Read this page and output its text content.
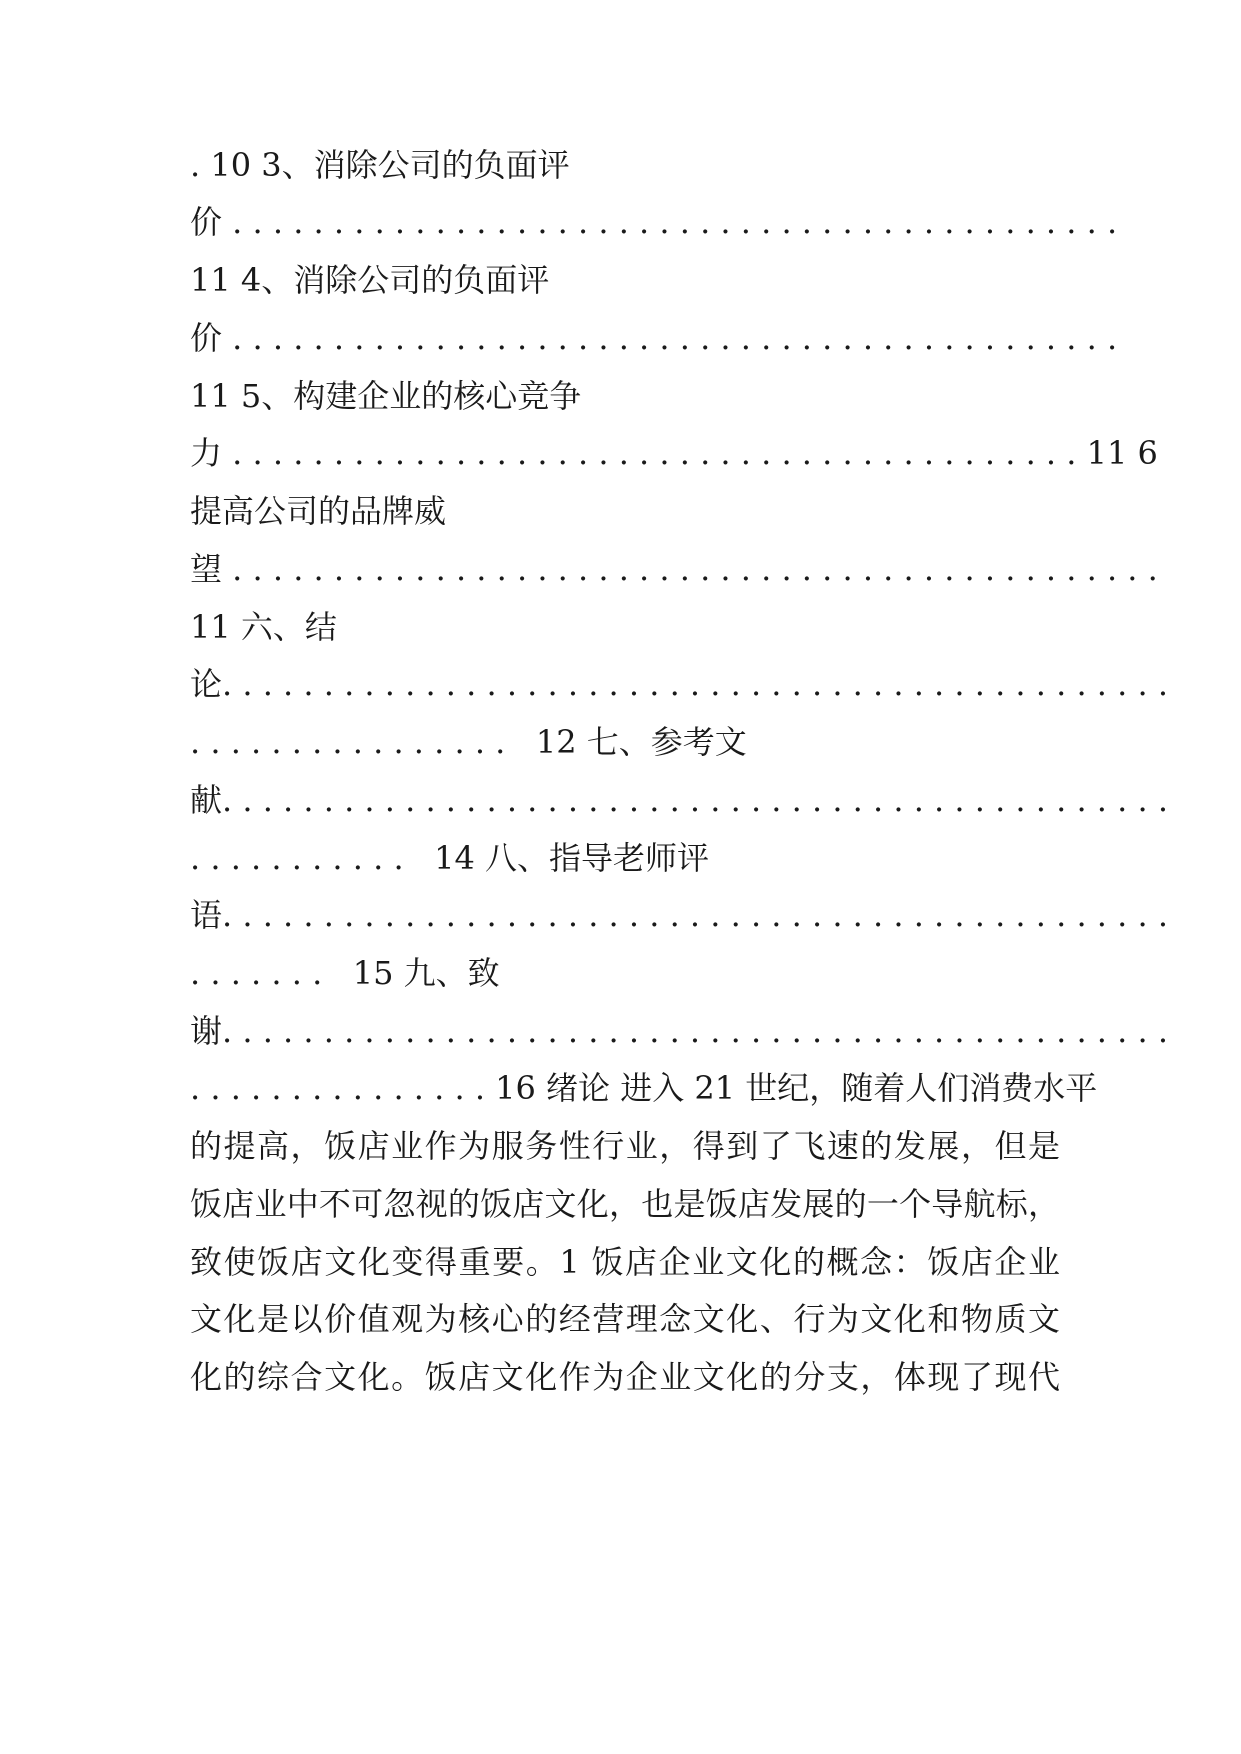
. 10 3、消除公司的负面评
价 . . . . . . . . . . . . . . . . . . . . . . . . . . . . . . . . . . . . . . . . . . . .
11 4、消除公司的负面评
价 . . . . . . . . . . . . . . . . . . . . . . . . . . . . . . . . . . . . . . . . . . . .
11 5、构建企业的核心竞争
力 . . . . . . . . . . . . . . . . . . . . . . . . . . . . . . . . . . . . . . . . . . 11 6
提高公司的品牌威
望 . . . . . . . . . . . . . . . . . . . . . . . . . . . . . . . . . . . . . . . . . . . . . .
11 六、结
论. . . . . . . . . . . . . . . . . . . . . . . . . . . . . . . . . . . . . . . . . . . . . . .
. . . . . . . . . . . . . . . .   12 七、参考文
献. . . . . . . . . . . . . . . . . . . . . . . . . . . . . . . . . . . . . . . . . . . . . . .
. . . . . . . . . . .   14 八、指导老师评
语. . . . . . . . . . . . . . . . . . . . . . . . . . . . . . . . . . . . . . . . . . . . . . .
. . . . . . .   15 九、致
谢. . . . . . . . . . . . . . . . . . . . . . . . . . . . . . . . . . . . . . . . . . . . . . .
. . . . . . . . . . . . . . . 16 绪论 进入 21 世纪，随着人们消费水平
的提高，饭店业作为服务性行业，得到了飞速的发展，但是
饭店业中不可忽视的饭店文化，也是饭店发展的一个导航标，
致使饭店文化变得重要。1 饭店企业文化的概念：饭店企业
文化是以价值观为核心的经营理念文化、行为文化和物质文
化的综合文化。饭店文化作为企业文化的分支，体现了现代
